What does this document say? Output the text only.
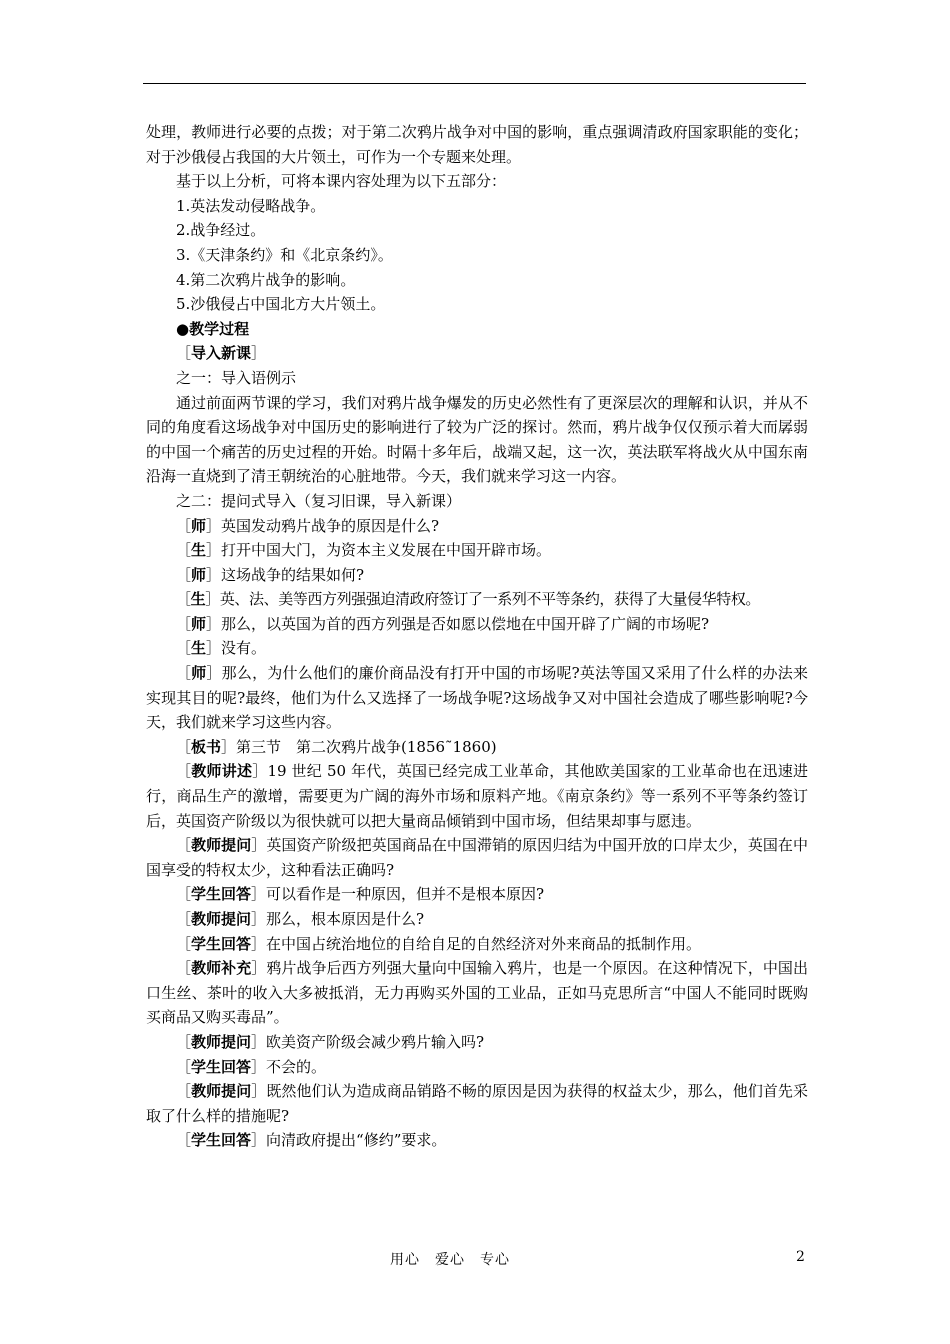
处理，教师进行必要的点拨；对于第二次鸦片战争对中国的影响，重点强调清政府国家职能的变化；对于沙俄侵占我国的大片领土，可作为一个专题来处理。

基于以上分析，可将本课内容处理为以下五部分：

1.英法发动侵略战争。

2.战争经过。

3.《天津条约》和《北京条约》。

4.第二次鸦片战争的影响。

5.沙俄侵占中国北方大片领土。

●教学过程

［导入新课］

之一：导入语例示

通过前面两节课的学习，我们对鸦片战争爆发的历史必然性有了更深层次的理解和认识，并从不同的角度看这场战争对中国历史的影响进行了较为广泛的探讨。然而，鸦片战争仅仅预示着大而孱弱的中国一个痛苦的历史过程的开始。时隔十多年后，战端又起，这一次，英法联军将战火从中国东南沿海一直烧到了清王朝统治的心脏地带。今天，我们就来学习这一内容。

之二：提问式导入（复习旧课，导入新课）

［师］英国发动鸦片战争的原因是什么?

［生］打开中国大门，为资本主义发展在中国开辟市场。

［师］这场战争的结果如何?

［生］英、法、美等西方列强强迫清政府签订了一系列不平等条约，获得了大量侵华特权。

［师］那么，以英国为首的西方列强是否如愿以偿地在中国开辟了广阔的市场呢?

［生］没有。

［师］那么，为什么他们的廉价商品没有打开中国的市场呢?英法等国又采用了什么样的办法来实现其目的呢?最终，他们为什么又选择了一场战争呢?这场战争又对中国社会造成了哪些影响呢?今天，我们就来学习这些内容。

［板书］第三节　第二次鸦片战争(1856˜1860)

［教师讲述］19 世纪 50 年代，英国已经完成工业革命，其他欧美国家的工业革命也在迅速进行，商品生产的激增，需要更为广阔的海外市场和原料产地。《南京条约》等一系列不平等条约签订后，英国资产阶级以为很快就可以把大量商品倾销到中国市场，但结果却事与愿违。

［教师提问］英国资产阶级把英国商品在中国滞销的原因归结为中国开放的口岸太少，英国在中国享受的特权太少，这种看法正确吗?

［学生回答］可以看作是一种原因，但并不是根本原因?

［教师提问］那么，根本原因是什么?

［学生回答］在中国占统治地位的自给自足的自然经济对外来商品的抵制作用。

［教师补充］鸦片战争后西方列强大量向中国输入鸦片，也是一个原因。在这种情况下，中国出口生丝、茶叶的收入大多被抵消，无力再购买外国的工业品，正如马克思所言“中国人不能同时既购买商品又购买毒品”。

［教师提问］欧美资产阶级会减少鸦片输入吗?

［学生回答］不会的。

［教师提问］既然他们认为造成商品销路不畅的原因是因为获得的权益太少，那么，他们首先采取了什么样的措施呢?

［学生回答］向清政府提出“修约”要求。

用心　爱心　专心	2
